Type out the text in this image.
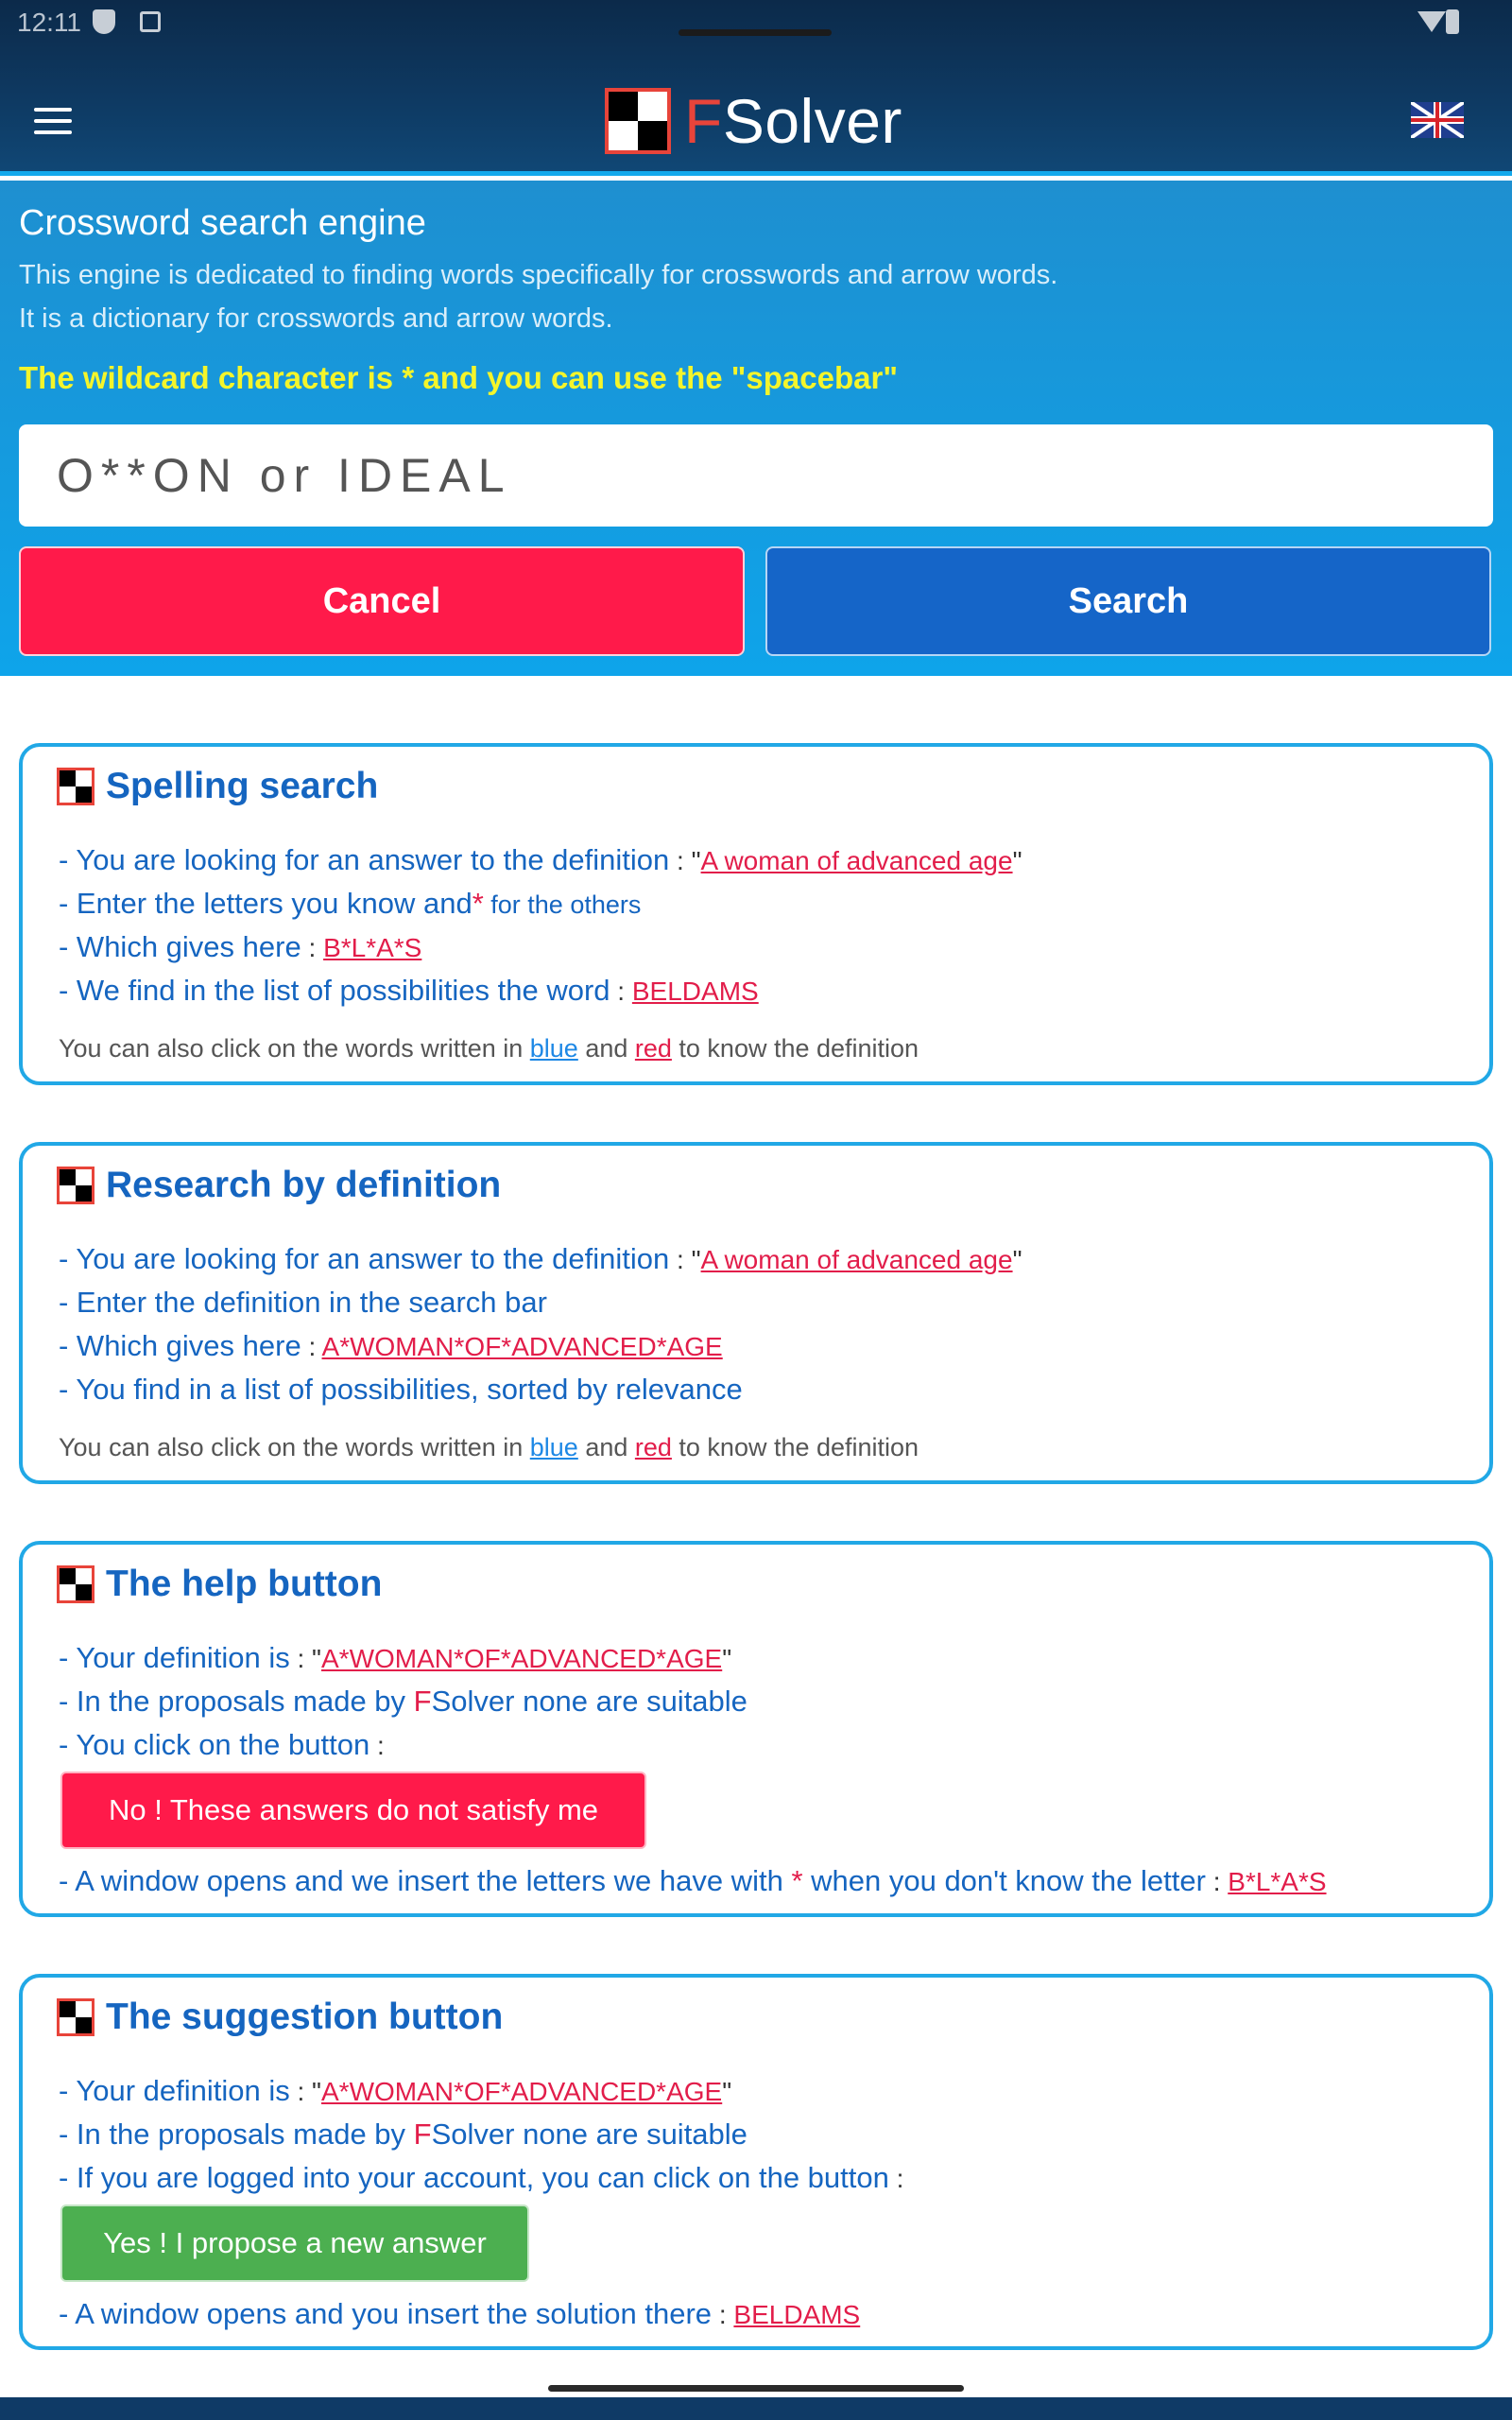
12:11
FSolver
Crossword search engine
This engine is dedicated to finding words specifically for crosswords and arrow words.
It is a dictionary for crosswords and arrow words.
The wildcard character is * and you can use the "spacebar"
O**ON or IDEAL
Cancel	Search
Spelling search
- You are looking for an answer to the definition : "A woman of advanced age"
- Enter the letters you know and* for the others
- Which gives here : B*L*A*S
- We find in the list of possibilities the word : BELDAMS
You can also click on the words written in blue and red to know the definition
Research by definition
- You are looking for an answer to the definition : "A woman of advanced age"
- Enter the definition in the search bar
- Which gives here : A*WOMAN*OF*ADVANCED*AGE
- You find in a list of possibilities, sorted by relevance
You can also click on the words written in blue and red to know the definition
The help button
- Your definition is : "A*WOMAN*OF*ADVANCED*AGE"
- In the proposals made by FSolver none are suitable
- You click on the button :
No ! These answers do not satisfy me
- A window opens and we insert the letters we have with * when you don't know the letter : B*L*A*S
The suggestion button
- Your definition is : "A*WOMAN*OF*ADVANCED*AGE"
- In the proposals made by FSolver none are suitable
- If you are logged into your account, you can click on the button :
Yes ! I propose a new answer
- A window opens and you insert the solution there : BELDAMS
